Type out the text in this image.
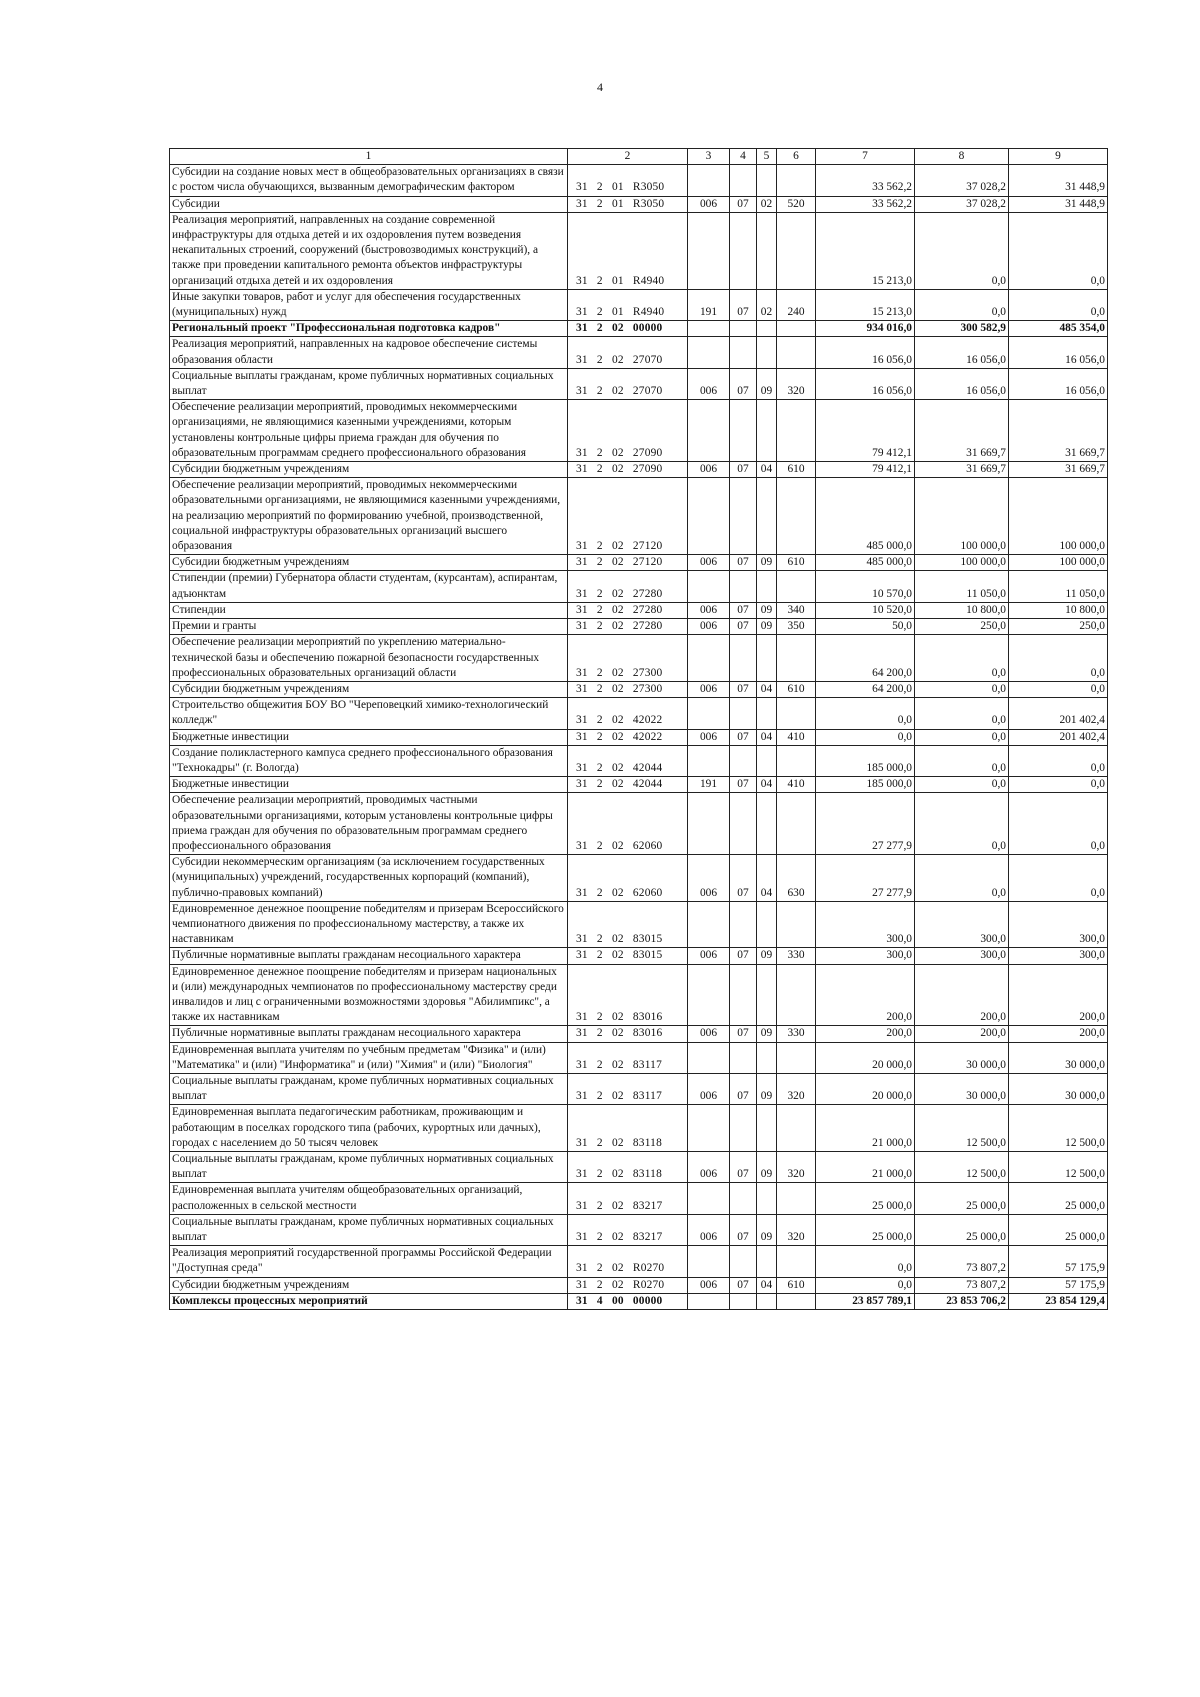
4
1	2	3	4	5	6	7	8	9
Субсидии на создание новых мест в общеобразовательных организациях в связи с ростом числа обучающихся, вызванным демографическим фактором	31   2   01   R3050					33 562,2	37 028,2	31 448,9
Субсидии	31   2   01   R3050	006	07	02	520	33 562,2	37 028,2	31 448,9
Реализация мероприятий, направленных на создание современной инфраструктуры для отдыха детей и их оздоровления путем возведения некапитальных строений, сооружений (быстровозводимых конструкций), а также при проведении капитального ремонта объектов инфраструктуры организаций отдыха детей и их оздоровления	31   2   01   R4940					15 213,0	0,0	0,0
Иные закупки товаров, работ и услуг для обеспечения государственных (муниципальных) нужд	31   2   01   R4940	191	07	02	240	15 213,0	0,0	0,0
Региональный проект "Профессиональная подготовка кадров"	31   2   02   00000					934 016,0	300 582,9	485 354,0
Реализация мероприятий, направленных на кадровое обеспечение системы образования области	31   2   02   27070					16 056,0	16 056,0	16 056,0
Социальные выплаты гражданам, кроме публичных нормативных социальных выплат	31   2   02   27070	006	07	09	320	16 056,0	16 056,0	16 056,0
Обеспечение реализации мероприятий, проводимых некоммерческими организациями, не являющимися казенными учреждениями, которым установлены контрольные цифры приема граждан для обучения по образовательным программам среднего профессионального образования	31   2   02   27090					79 412,1	31 669,7	31 669,7
Субсидии бюджетным учреждениям	31   2   02   27090	006	07	04	610	79 412,1	31 669,7	31 669,7
Обеспечение реализации мероприятий, проводимых некоммерческими образовательными организациями, не являющимися казенными учреждениями, на реализацию мероприятий по формированию учебной, производственной, социальной инфраструктуры образовательных организаций высшего образования	31   2   02   27120					485 000,0	100 000,0	100 000,0
Субсидии бюджетным учреждениям	31   2   02   27120	006	07	09	610	485 000,0	100 000,0	100 000,0
Стипендии (премии) Губернатора области студентам, (курсантам), аспирантам, адъюнктам	31   2   02   27280					10 570,0	11 050,0	11 050,0
Стипендии	31   2   02   27280	006	07	09	340	10 520,0	10 800,0	10 800,0
Премии и гранты	31   2   02   27280	006	07	09	350	50,0	250,0	250,0
Обеспечение реализации мероприятий по укреплению материально-технической базы и обеспечению пожарной безопасности государственных профессиональных образовательных организаций области	31   2   02   27300					64 200,0	0,0	0,0
Субсидии бюджетным учреждениям	31   2   02   27300	006	07	04	610	64 200,0	0,0	0,0
Строительство общежития БОУ ВО "Череповецкий химико-технологический колледж"	31   2   02   42022					0,0	0,0	201 402,4
Бюджетные инвестиции	31   2   02   42022	006	07	04	410	0,0	0,0	201 402,4
Создание поликластерного кампуса среднего профессионального образования "Технокадры" (г. Вологда)	31   2   02   42044					185 000,0	0,0	0,0
Бюджетные инвестиции	31   2   02   42044	191	07	04	410	185 000,0	0,0	0,0
Обеспечение реализации мероприятий, проводимых частными образовательными организациями, которым установлены контрольные цифры приема граждан для обучения по образовательным программам среднего профессионального образования	31   2   02   62060					27 277,9	0,0	0,0
Субсидии некоммерческим организациям (за исключением государственных (муниципальных) учреждений, государственных корпораций (компаний), публично-правовых компаний)	31   2   02   62060	006	07	04	630	27 277,9	0,0	0,0
Единовременное денежное поощрение победителям и призерам Всероссийского чемпионатного движения по профессиональному мастерству, а также их наставникам	31   2   02   83015					300,0	300,0	300,0
Публичные нормативные выплаты гражданам несоциального характера	31   2   02   83015	006	07	09	330	300,0	300,0	300,0
Единовременное денежное поощрение победителям и призерам национальных и (или) международных чемпионатов по профессиональному мастерству среди инвалидов и лиц с ограниченными возможностями здоровья "Абилимпикс", а также их наставникам	31   2   02   83016					200,0	200,0	200,0
Публичные нормативные выплаты гражданам несоциального характера	31   2   02   83016	006	07	09	330	200,0	200,0	200,0
Единовременная выплата учителям по учебным предметам "Физика" и (или) "Математика" и (или) "Информатика" и (или) "Химия" и (или) "Биология"	31   2   02   83117					20 000,0	30 000,0	30 000,0
Социальные выплаты гражданам, кроме публичных нормативных социальных выплат	31   2   02   83117	006	07	09	320	20 000,0	30 000,0	30 000,0
Единовременная выплата педагогическим работникам, проживающим и работающим в поселках городского типа (рабочих, курортных или дачных), городах с населением до 50 тысяч человек	31   2   02   83118					21 000,0	12 500,0	12 500,0
Социальные выплаты гражданам, кроме публичных нормативных социальных выплат	31   2   02   83118	006	07	09	320	21 000,0	12 500,0	12 500,0
Единовременная выплата учителям общеобразовательных организаций, расположенных в сельской местности	31   2   02   83217					25 000,0	25 000,0	25 000,0
Социальные выплаты гражданам, кроме публичных нормативных социальных выплат	31   2   02   83217	006	07	09	320	25 000,0	25 000,0	25 000,0
Реализация мероприятий государственной программы Российской Федерации "Доступная среда"	31   2   02   R0270					0,0	73 807,2	57 175,9
Субсидии бюджетным учреждениям	31   2   02   R0270	006	07	04	610	0,0	73 807,2	57 175,9
Комплексы процессных мероприятий	31   4   00   00000					23 857 789,1	23 853 706,2	23 854 129,4
